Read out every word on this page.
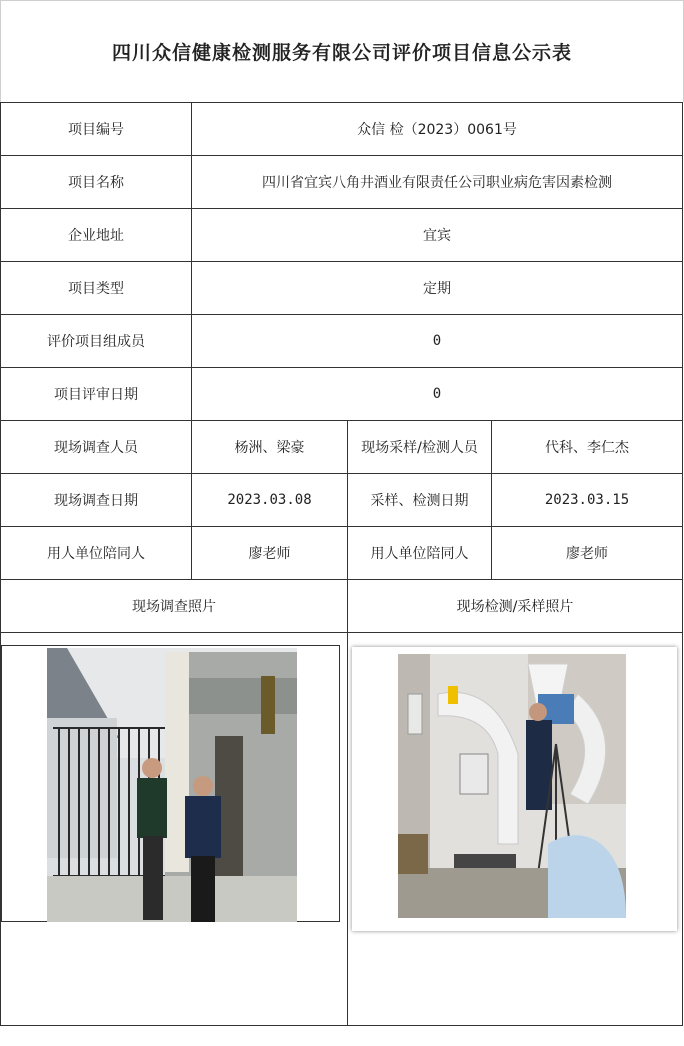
四川众信健康检测服务有限公司评价项目信息公示表
项目编号	众信 检（2023）0061号		
项目名称	四川省宜宾八角井酒业有限责任公司职业病危害因素检测		
企业地址	宜宾		
项目类型	定期		
评价项目组成员	0		
项目评审日期	0		
现场调查人员	杨洲、梁豪	现场采样/检测人员	代科、李仁杰
现场调查日期	2023.03.08	采样、检测日期	2023.03.15
用人单位陪同人	廖老师	用人单位陪同人	廖老师
现场调查照片		现场检测/采样照片	
